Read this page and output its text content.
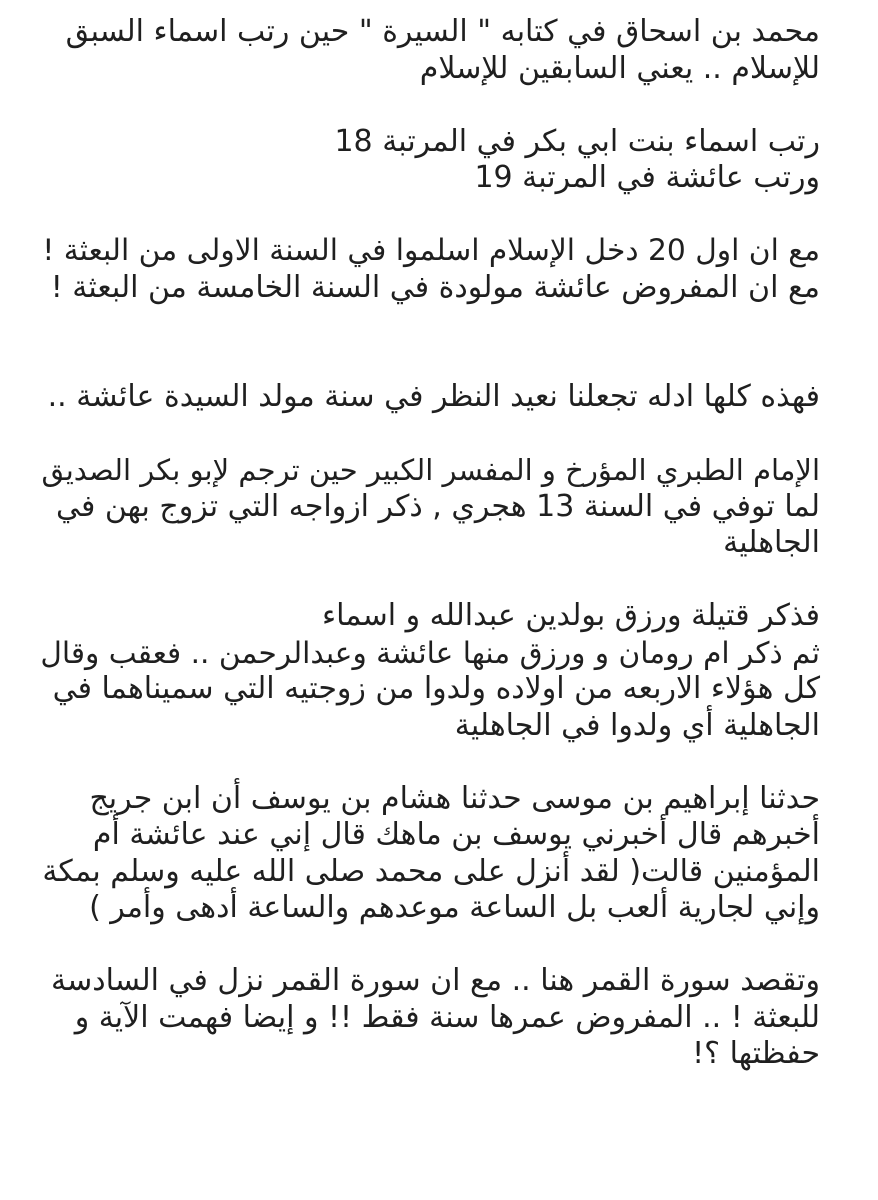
محمد بن اسحاق في كتابه " السيرة " حين رتب اسماء السبق
للإسلام .. يعني السابقين للإسلام
رتب اسماء بنت ابي بكر في المرتبة 18
ورتب عائشة في المرتبة 19
مع ان اول 20 دخل الإسلام اسلموا في السنة الاولى من البعثة !
مع ان المفروض عائشة مولودة في السنة الخامسة من البعثة !
فهذه كلها ادله تجعلنا نعيد النظر في سنة مولد السيدة عائشة ..
الإمام الطبري المؤرخ و المفسر الكبير حين ترجم لإبو بكر الصديق
لما توفي في السنة 13 هجري , ذكر ازواجه التي تزوج بهن في
الجاهلية
فذكر قتيلة ورزق بولدين عبدالله و اسماء
ثم ذكر ام رومان و ورزق منها عائشة وعبدالرحمن .. فعقب وقال
كل هؤلاء الاربعه من اولاده ولدوا من زوجتيه التي سميناهما في
الجاهلية أي ولدوا في الجاهلية
حدثنا إبراهيم بن موسى حدثنا هشام بن يوسف أن ابن جريج
أخبرهم قال أخبرني يوسف بن ماهك قال إني عند عائشة أم
المؤمنين قالت( لقد أنزل على محمد صلى الله عليه وسلم بمكة
وإني لجارية ألعب بل الساعة موعدهم والساعة أدهى وأمر )
وتقصد سورة القمر هنا .. مع ان سورة القمر نزل في السادسة
للبعثة ! .. المفروض عمرها سنة فقط !! و إيضا فهمت الآية و
حفظتها ؟!
